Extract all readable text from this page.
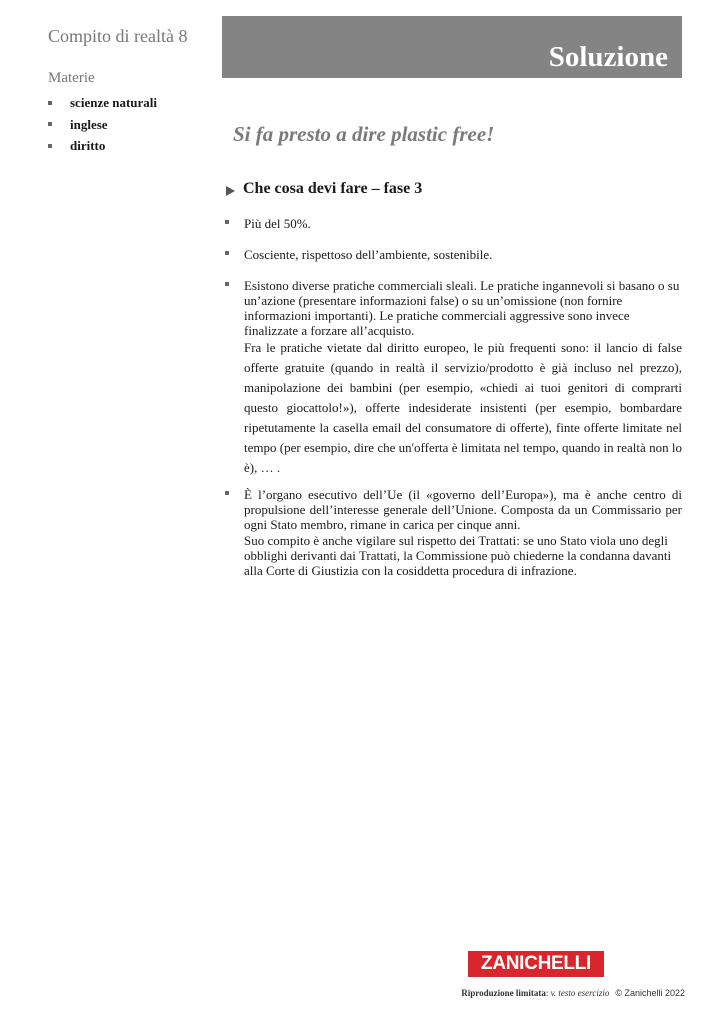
Compito di realtà 8
Materie
scienze naturali
inglese
diritto
Soluzione
Si fa presto a dire plastic free!
Che cosa devi fare – fase 3

Più del 50%.

Cosciente, rispettoso dell’ambiente, sostenibile.

Esistono diverse pratiche commerciali sleali. Le pratiche ingannevoli si basano o su un’azione (presentare informazioni false) o su un’omissione (non fornire informazioni importanti). Le pratiche commerciali aggressive sono invece finalizzate a forzare all’acquisto.

Fra le pratiche vietate dal diritto europeo, le più frequenti sono: il lancio di false offerte gratuite (quando in realtà il servizio/prodotto è già incluso nel prezzo), manipolazione dei bambini (per esempio, «chiedi ai tuoi genitori di comprarti questo giocattolo!»), offerte indesiderate insistenti (per esempio, bombardare ripetutamente la casella email del consumatore di offerte), finte offerte limitate nel tempo (per esempio, dire che un'offerta è limitata nel tempo, quando in realtà non lo è), … .

È l’organo esecutivo dell’Ue (il «governo dell’Europa»), ma è anche centro di propulsione dell’interesse generale dell’Unione. Composta da un Commissario per ogni Stato membro, rimane in carica per cinque anni.

Suo compito è anche vigilare sul rispetto dei Trattati: se uno Stato viola uno degli obblighi derivanti dai Trattati, la Commissione può chiederne la condanna davanti alla Corte di Giustizia con la cosiddetta procedura di infrazione.

ZANICHELLI
Riproduzione limitata: v. testo esercizio © Zanichelli 2022
